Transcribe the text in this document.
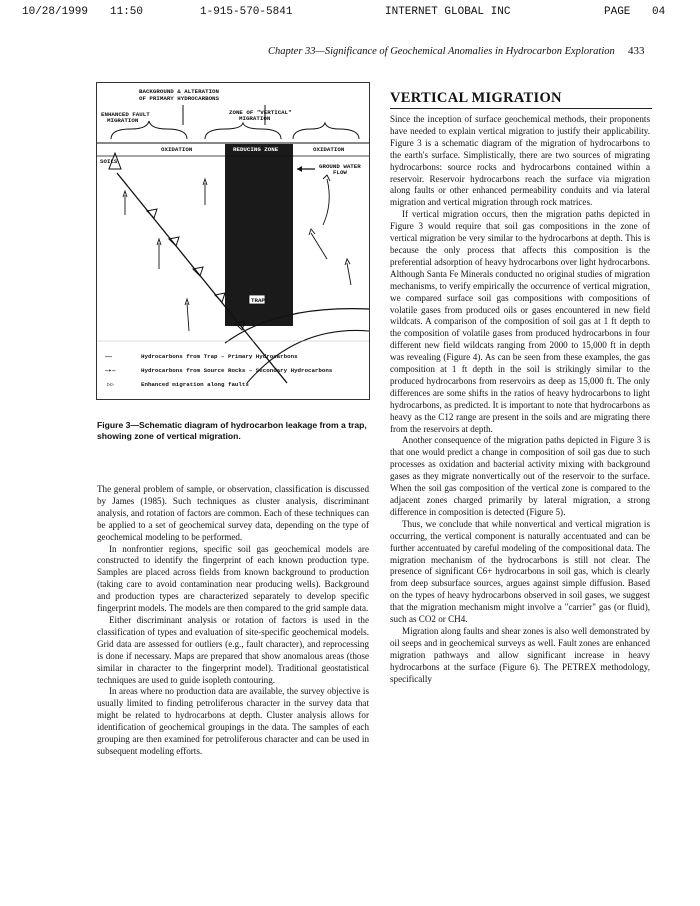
10/28/1999 11:50	1-915-570-5841	INTERNET GLOBAL INC	PAGE 04
Chapter 33—Significance of Geochemical Anomalies in Hydrocarbon Exploration 433
BACKGROUND & ALTERATION
OF PRIMARY HYDROCARBONS
ENHANCED FAULT
MIGRATION
ZONE OF "VERTICAL"
MIGRATION
OXIDATION	OXIDATION
REDUCING ZONE
SOILS
GROUND WATER
FLOW
TRAP
——	Hydrocarbons from Trap – Primary Hydrocarbons
—▸—	Hydrocarbons from Source Rocks – Secondary Hydrocarbons
▷▷	Enhanced migration along faults
Figure 3—Schematic diagram of hydrocarbon leakage from a trap, showing zone of vertical migration.

The general problem of sample, or observation, classification is discussed by James (1985). Such techniques as cluster analysis, discriminant analysis, and rotation of factors are common. Each of these techniques can be applied to a set of geochemical survey data, depending on the type of geochemical modeling to be performed.

In nonfrontier regions, specific soil gas geochemical models are constructed to identify the fingerprint of each known production type. Samples are placed across fields from known background to production (taking care to avoid contamination near producing wells). Background and production types are characterized separately to develop specific fingerprint models. The models are then compared to the grid sample data.

Either discriminant analysis or rotation of factors is used in the classification of types and evaluation of site-specific geochemical models. Grid data are assessed for outliers (e.g., fault character), and reprocessing is done if necessary. Maps are prepared that show anomalous areas (those similar in character to the fingerprint model). Traditional geostatistical techniques are used to guide isopleth contouring.

In areas where no production data are available, the survey objective is usually limited to finding petroliferous character in the survey data that might be related to hydrocarbons at depth. Cluster analysis allows for identification of geochemical groupings in the data. The samples of each grouping are then examined for petroliferous character and can be used in subsequent modeling efforts.

VERTICAL MIGRATION

Since the inception of surface geochemical methods, their proponents have needed to explain vertical migration to justify their applicability. Figure 3 is a schematic diagram of the migration of hydrocarbons to the earth's surface. Simplistically, there are two sources of migrating hydrocarbons: source rocks and hydrocarbons contained within a reservoir. Reservoir hydrocarbons reach the surface via migration along faults or other enhanced permeability conduits and via lateral migration and vertical migration through rock matrices.

If vertical migration occurs, then the migration paths depicted in Figure 3 would require that soil gas compositions in the zone of vertical migration be very similar to the hydrocarbons at depth. This is because the only process that affects this composition is the preferential adsorption of heavy hydrocarbons over light hydrocarbons. Although Santa Fe Minerals conducted no original studies of migration mechanisms, to verify empirically the occurrence of vertical migration, we compared surface soil gas compositions with compositions of volatile gases from produced oils or gases encountered in new field wildcats. A comparison of the composition of soil gas at 1 ft depth to the composition of volatile gases from produced hydrocarbons in four different new field wildcats ranging from 2000 to 15,000 ft in depth was revealing (Figure 4). As can be seen from these examples, the gas composition at 1 ft depth in the soil is strikingly similar to the produced hydrocarbons from reservoirs as deep as 15,000 ft. The only differences are some shifts in the ratios of heavy hydrocarbons to light hydrocarbons, as predicted. It is important to note that hydrocarbons as heavy as the C12 range are present in the soils and are migrating there from the reservoirs at depth.

Another consequence of the migration paths depicted in Figure 3 is that one would predict a change in composition of soil gas due to such processes as oxidation and bacterial activity mixing with background gases as they migrate nonvertically out of the reservoir to the surface. When the soil gas composition of the vertical zone is compared to the adjacent zones charged primarily by lateral migration, a strong difference in composition is detected (Figure 5).

Thus, we conclude that while nonvertical and vertical migration is occurring, the vertical component is naturally accentuated and can be further accentuated by careful modeling of the compositional data. The migration mechanism of the hydrocarbons is still not clear. The presence of significant C6+ hydrocarbons in soil gas, which is clearly from deep subsurface sources, argues against simple diffusion. Based on the types of heavy hydrocarbons observed in soil gases, we suggest that the migration mechanism might involve a "carrier" gas (or fluid), such as CO2 or CH4.

Migration along faults and shear zones is also well demonstrated by oil seeps and in geochemical surveys as well. Fault zones are enhanced migration pathways and allow significant increase in heavy hydrocarbons at the surface (Figure 6). The PETREX methodology, specifically
